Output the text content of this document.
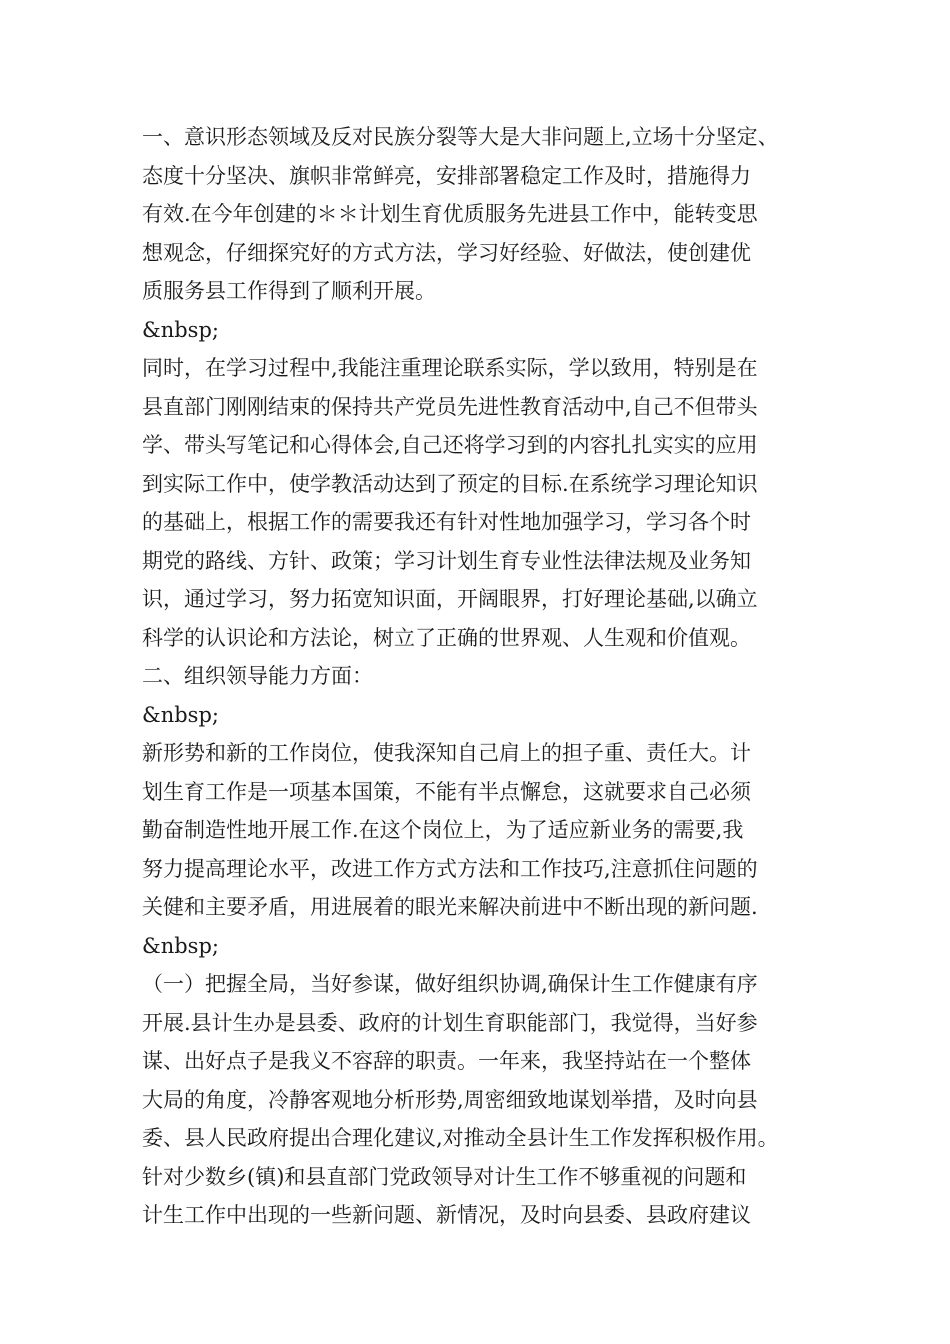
一、意识形态领域及反对民族分裂等大是大非问题上,立场十分坚定、
态度十分坚决、旗帜非常鲜亮，安排部署稳定工作及时，措施得力
有效.在今年创建的＊＊计划生育优质服务先进县工作中，能转变思
想观念，仔细探究好的方式方法，学习好经验、好做法，使创建优
质服务县工作得到了顺利开展。
&nbsp;
同时，在学习过程中,我能注重理论联系实际，学以致用，特别是在
县直部门刚刚结束的保持共产党员先进性教育活动中,自己不但带头
学、带头写笔记和心得体会,自己还将学习到的内容扎扎实实的应用
到实际工作中，使学教活动达到了预定的目标.在系统学习理论知识
的基础上，根据工作的需要我还有针对性地加强学习，学习各个时
期党的路线、方针、政策；学习计划生育专业性法律法规及业务知
识，通过学习，努力拓宽知识面，开阔眼界，打好理论基础,以确立
科学的认识论和方法论，树立了正确的世界观、人生观和价值观。
二、组织领导能力方面：
&nbsp;
新形势和新的工作岗位，使我深知自己肩上的担子重、责任大。计
划生育工作是一项基本国策，不能有半点懈怠，这就要求自己必须
勤奋制造性地开展工作.在这个岗位上，为了适应新业务的需要,我
努力提高理论水平，改进工作方式方法和工作技巧,注意抓住问题的
关健和主要矛盾，用进展着的眼光来解决前进中不断出现的新问题.
&nbsp;
（一）把握全局，当好参谋，做好组织协调,确保计生工作健康有序
开展.县计生办是县委、政府的计划生育职能部门，我觉得，当好参
谋、出好点子是我义不容辞的职责。一年来，我坚持站在一个整体
大局的角度，冷静客观地分析形势,周密细致地谋划举措，及时向县
委、县人民政府提出合理化建议,对推动全县计生工作发挥积极作用。
针对少数乡(镇)和县直部门党政领导对计生工作不够重视的问题和
计生工作中出现的一些新问题、新情况，及时向县委、县政府建议
